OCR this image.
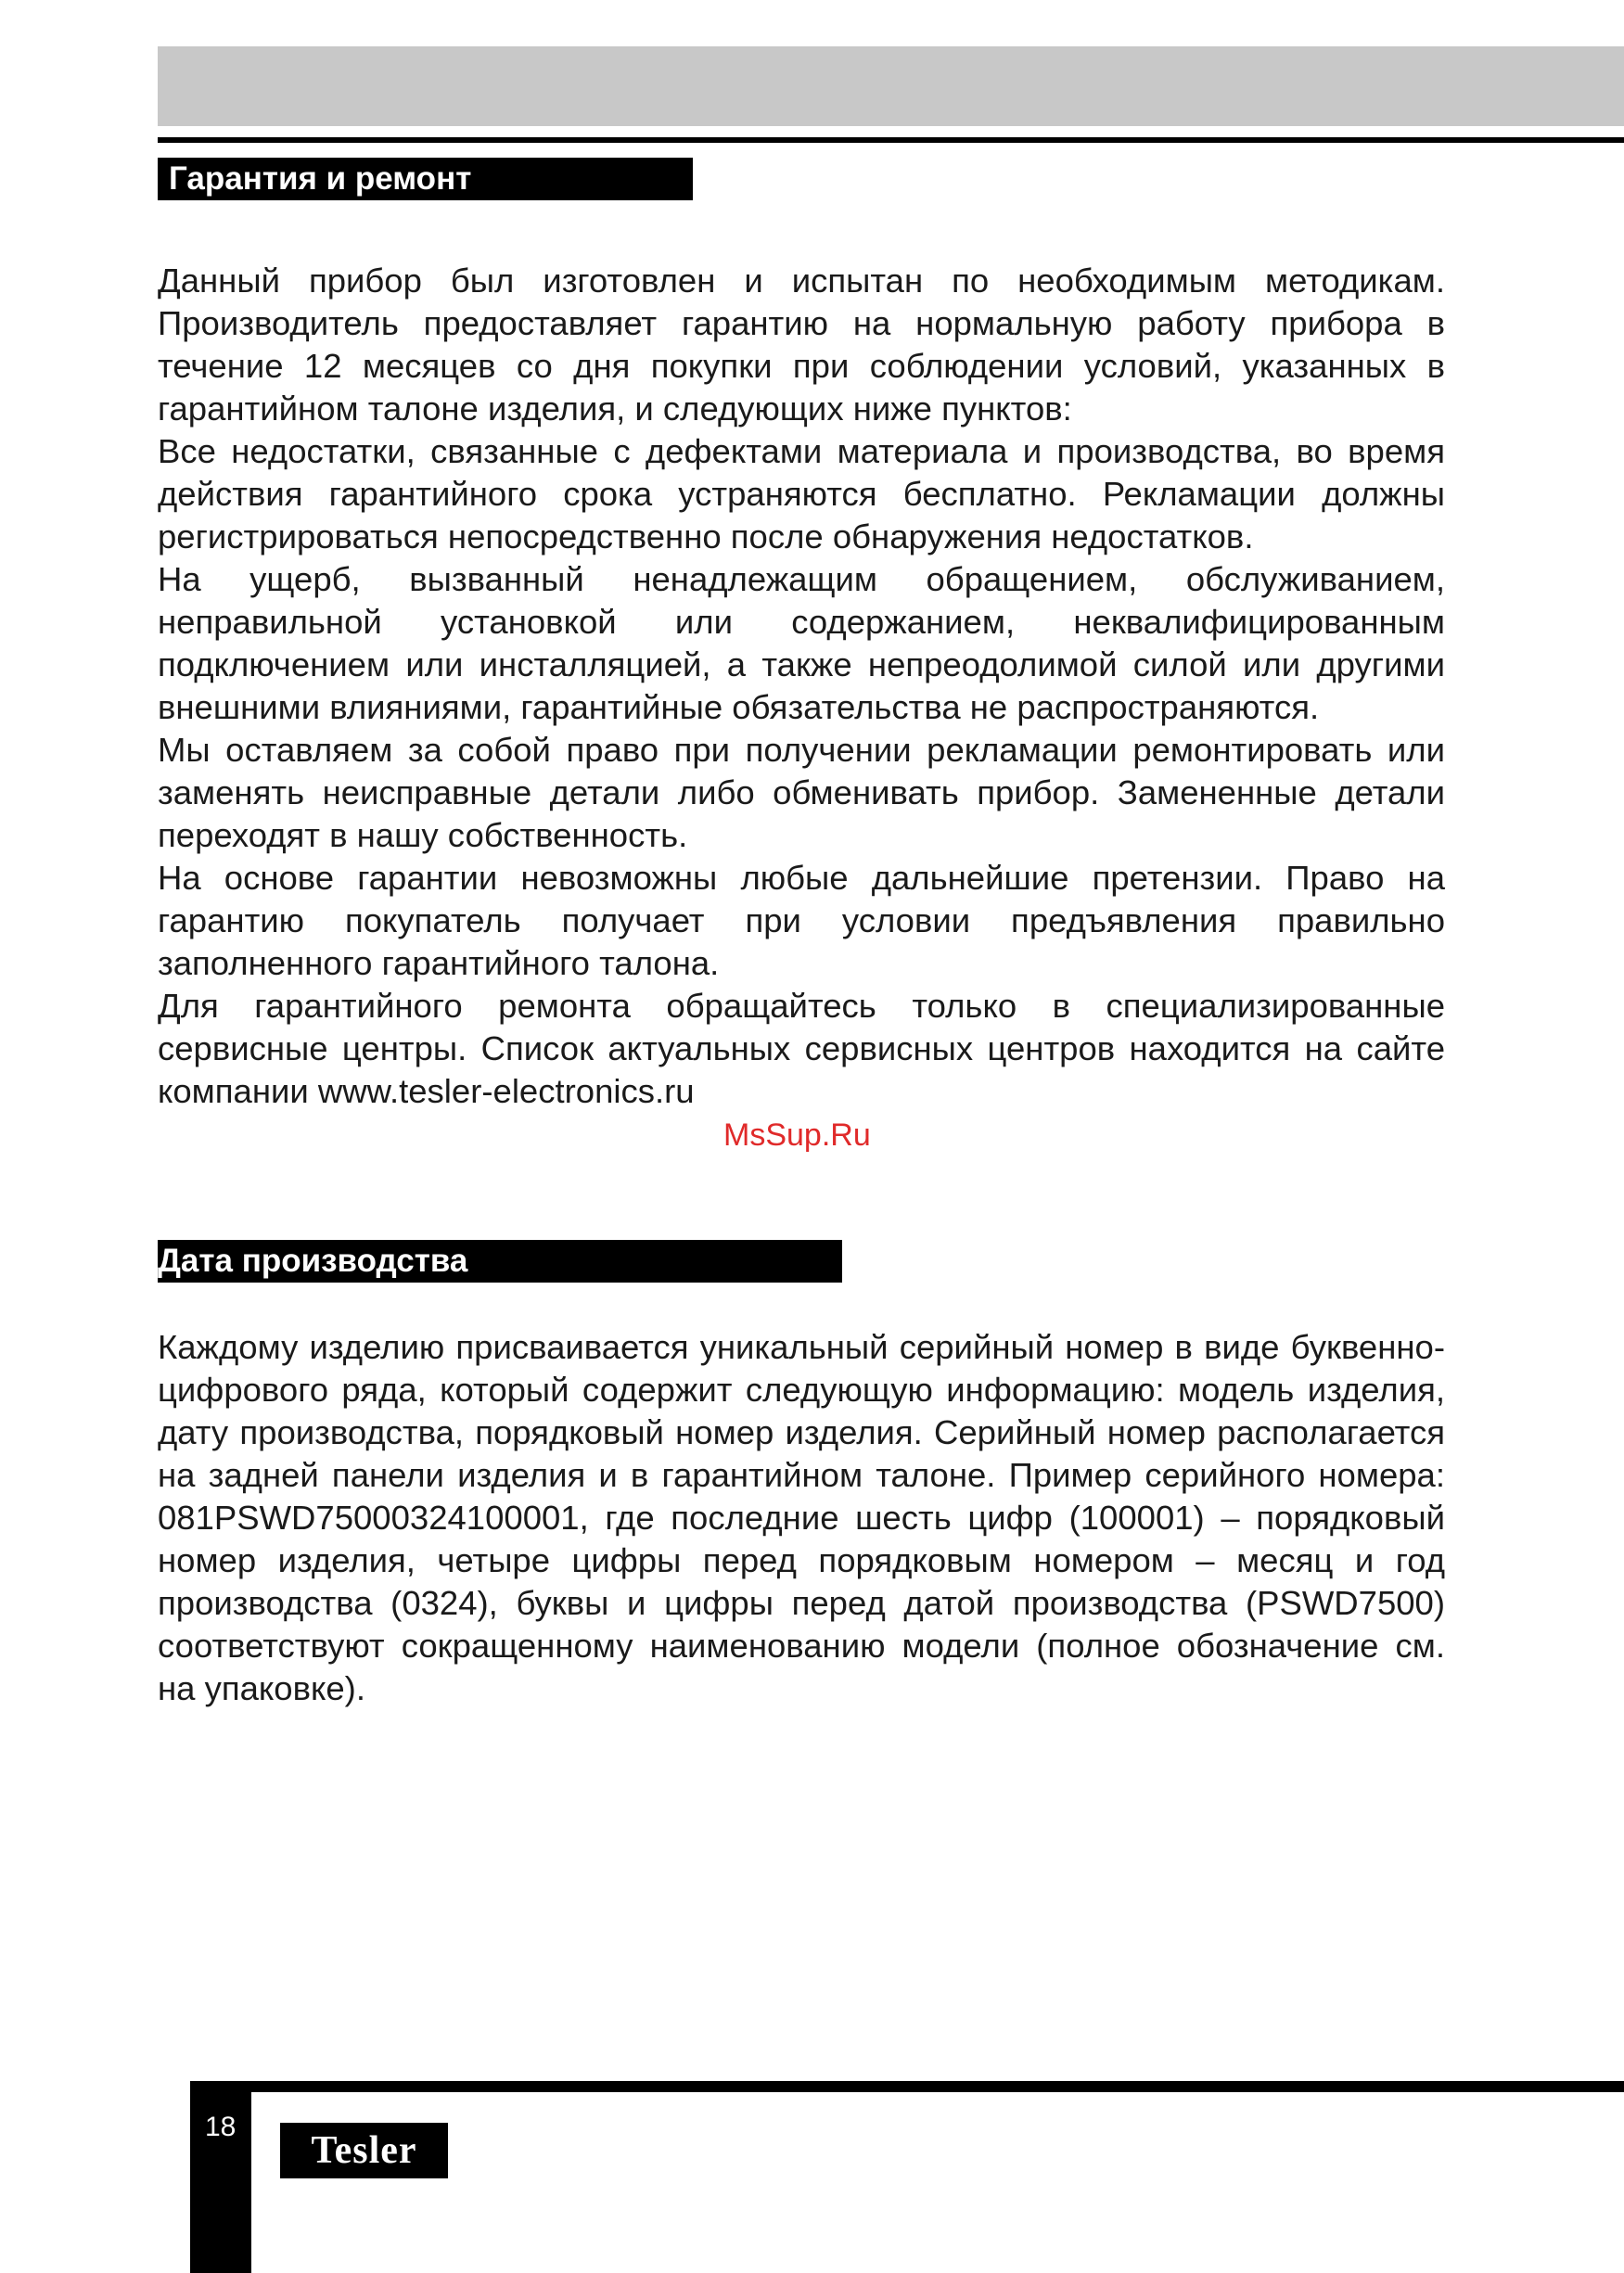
Гарантия и ремонт

Данный прибор был изготовлен и испытан по необходимым методикам. Производитель предоставляет гарантию на нормальную работу прибора в течение 12 месяцев со дня покупки при соблюдении условий, указанных в гарантийном талоне изделия, и следующих ниже пунктов:

Все недостатки, связанные с дефектами материала и производства, во время действия гарантийного срока устраняются бесплатно. Рекламации должны регистрироваться непосредственно после обнаружения недостатков.

На ущерб, вызванный ненадлежащим обращением, обслуживанием, неправильной установкой или содержанием, неквалифицированным подключением или инсталляцией, а также непреодолимой силой или другими внешними влияниями, гарантийные обязательства не распространяются.

Мы оставляем за собой право при получении рекламации ремонтировать или заменять неисправные детали либо обменивать прибор. Замененные детали переходят в нашу собственность.

На основе гарантии невозможны любые дальнейшие претензии. Право на гарантию покупатель получает при условии предъявления правильно заполненного гарантийного талона.

Для гарантийного ремонта обращайтесь только в специализированные сервисные центры. Список актуальных сервисных центров находится на сайте компании www.tesler-electronics.ru

MsSup.Ru
Дата производства

Каждому изделию присваивается уникальный серийный номер в виде буквенно-цифрового ряда, который содержит следующую информацию: модель изделия, дату производства, порядковый номер изделия. Серийный номер располагается на задней панели изделия и в гарантийном талоне. Пример серийного номера: 081PSWD75000324100001, где последние шесть цифр (100001) – порядковый номер изделия, четыре цифры перед порядковым номером – месяц и год производства (0324), буквы и цифры перед датой производства (PSWD7500) соответствуют сокращенному наименованию модели (полное обозначение см. на упаковке).

18
Tesler
